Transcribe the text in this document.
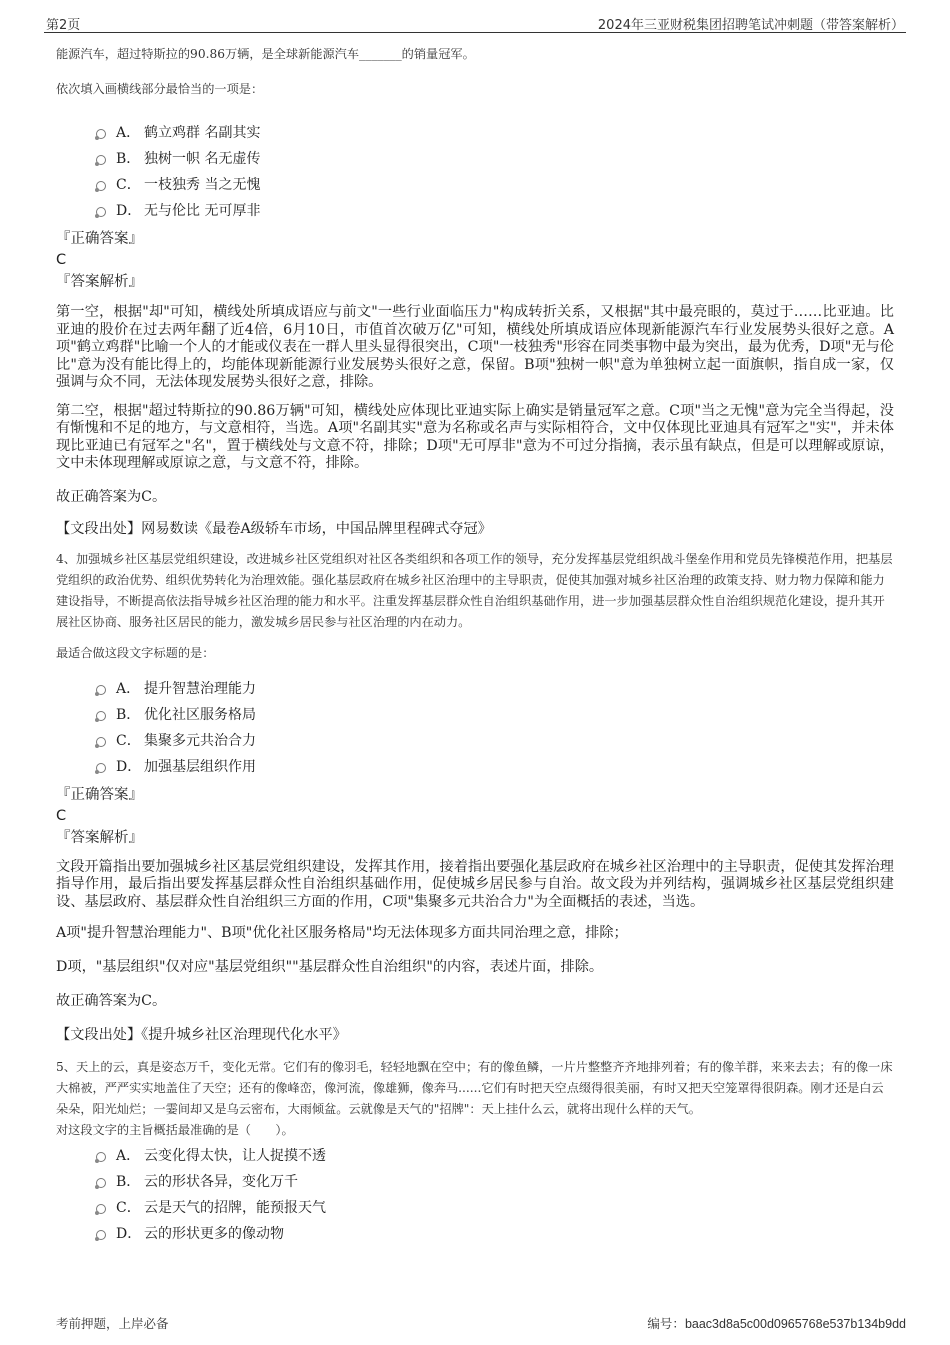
第2页	2024年三亚财税集团招聘笔试冲刺题（带答案解析）

能源汽车，超过特斯拉的90.86万辆，是全球新能源汽车_______的销量冠军。

依次填入画横线部分最恰当的一项是：

A． 鹤立鸡群 名副其实
B． 独树一帜 名无虚传
C． 一枝独秀 当之无愧
D． 无与伦比 无可厚非

『正确答案』

C

『答案解析』

第一空，根据"却"可知，横线处所填成语应与前文"一些行业面临压力"构成转折关系，又根据"其中最亮眼的，莫过于……比亚迪。比亚迪的股价在过去两年翻了近4倍，6月10日，市值首次破万亿"可知，横线处所填成语应体现新能源汽车行业发展势头很好之意。A项"鹤立鸡群"比喻一个人的才能或仪表在一群人里头显得很突出，C项"一枝独秀"形容在同类事物中最为突出，最为优秀，D项"无与伦比"意为没有能比得上的，均能体现新能源行业发展势头很好之意，保留。B项"独树一帜"意为单独树立起一面旗帜，指自成一家，仅强调与众不同，无法体现发展势头很好之意，排除。

第二空，根据"超过特斯拉的90.86万辆"可知，横线处应体现比亚迪实际上确实是销量冠军之意。C项"当之无愧"意为完全当得起，没有惭愧和不足的地方，与文意相符，当选。A项"名副其实"意为名称或名声与实际相符合，文中仅体现比亚迪具有冠军之"实"，并未体现比亚迪已有冠军之"名"，置于横线处与文意不符，排除；D项"无可厚非"意为不可过分指摘，表示虽有缺点，但是可以理解或原谅，文中未体现理解或原谅之意，与文意不符，排除。

故正确答案为C。

【文段出处】网易数读《最卷A级轿车市场，中国品牌里程碑式夺冠》

4、加强城乡社区基层党组织建设，改进城乡社区党组织对社区各类组织和各项工作的领导，充分发挥基层党组织战斗堡垒作用和党员先锋模范作用，把基层党组织的政治优势、组织优势转化为治理效能。强化基层政府在城乡社区治理中的主导职责，促使其加强对城乡社区治理的政策支持、财力物力保障和能力建设指导，不断提高依法指导城乡社区治理的能力和水平。注重发挥基层群众性自治组织基础作用，进一步加强基层群众性自治组织规范化建设，提升其开展社区协商、服务社区居民的能力，激发城乡居民参与社区治理的内在动力。

最适合做这段文字标题的是：

A． 提升智慧治理能力
B． 优化社区服务格局
C． 集聚多元共治合力
D． 加强基层组织作用

『正确答案』

C

『答案解析』

文段开篇指出要加强城乡社区基层党组织建设，发挥其作用，接着指出要强化基层政府在城乡社区治理中的主导职责，促使其发挥治理指导作用，最后指出要发挥基层群众性自治组织基础作用，促使城乡居民参与自治。故文段为并列结构，强调城乡社区基层党组织建设、基层政府、基层群众性自治组织三方面的作用，C项"集聚多元共治合力"为全面概括的表述，当选。

A项"提升智慧治理能力"、B项"优化社区服务格局"均无法体现多方面共同治理之意，排除；

D项，"基层组织"仅对应"基层党组织""基层群众性自治组织"的内容，表述片面，排除。

故正确答案为C。

【文段出处】《提升城乡社区治理现代化水平》

5、天上的云，真是姿态万千，变化无常。它们有的像羽毛，轻轻地飘在空中；有的像鱼鳞，一片片整整齐齐地排列着；有的像羊群，来来去去；有的像一床大棉被，严严实实地盖住了天空；还有的像峰峦，像河流，像雄狮，像奔马......它们有时把天空点缀得很美丽，有时又把天空笼罩得很阴森。刚才还是白云朵朵，阳光灿烂；一霎间却又是乌云密布，大雨倾盆。云就像是天气的"招牌"：天上挂什么云，就将出现什么样的天气。

对这段文字的主旨概括最准确的是（　　）。

A． 云变化得太快，让人捉摸不透
B． 云的形状各异，变化万千
C． 云是天气的招牌，能预报天气
D． 云的形状更多的像动物
考前押题，上岸必备	编号：baac3d8a5c00d0965768e537b134b9dd
